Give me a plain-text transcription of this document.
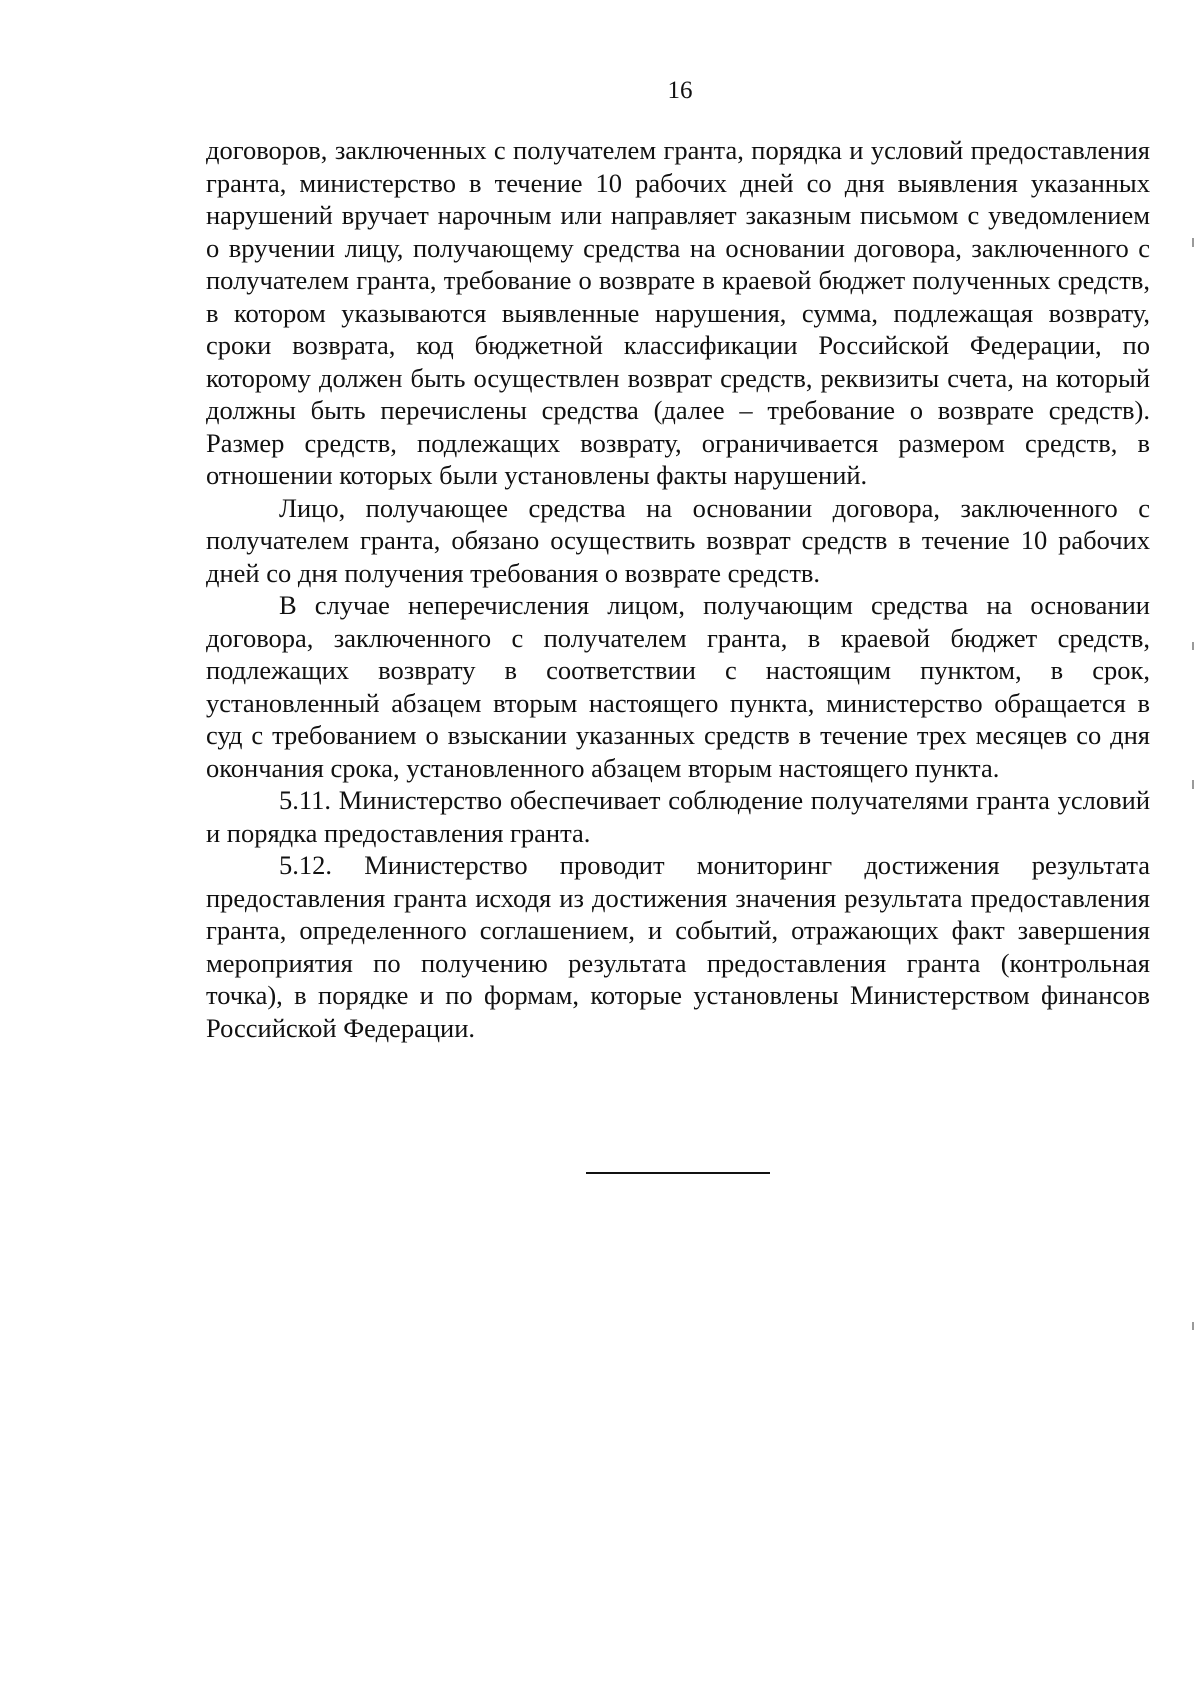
16

договоров, заключенных с получателем гранта, порядка и условий предоставления гранта, министерство в течение 10 рабочих дней со дня выявления указанных нарушений вручает нарочным или направляет заказным письмом с уведомлением о вручении лицу, получающему средства на основании договора, заключенного с получателем гранта, требование о возврате в краевой бюджет полученных средств, в котором указываются выявленные нарушения, сумма, подлежащая возврату, сроки возврата, код бюджетной классификации Российской Федерации, по которому должен быть осуществлен возврат средств, реквизиты счета, на который должны быть перечислены средства (далее – требование о возврате средств). Размер средств, подлежащих возврату, ограничивается размером средств, в отношении которых были установлены факты нарушений.

Лицо, получающее средства на основании договора, заключенного с получателем гранта, обязано осуществить возврат средств в течение 10 рабочих дней со дня получения требования о возврате средств.

В случае неперечисления лицом, получающим средства на основании договора, заключенного с получателем гранта, в краевой бюджет средств, подлежащих возврату в соответствии с настоящим пунктом, в срок, установленный абзацем вторым настоящего пункта, министерство обращается в суд с требованием о взыскании указанных средств в течение трех месяцев со дня окончания срока, установленного абзацем вторым настоящего пункта.

5.11. Министерство обеспечивает соблюдение получателями гранта условий и порядка предоставления гранта.

5.12. Министерство проводит мониторинг достижения результата предоставления гранта исходя из достижения значения результата предоставления гранта, определенного соглашением, и событий, отражающих факт завершения мероприятия по получению результата предоставления гранта (контрольная точка), в порядке и по формам, которые установлены Министерством финансов Российской Федерации.
